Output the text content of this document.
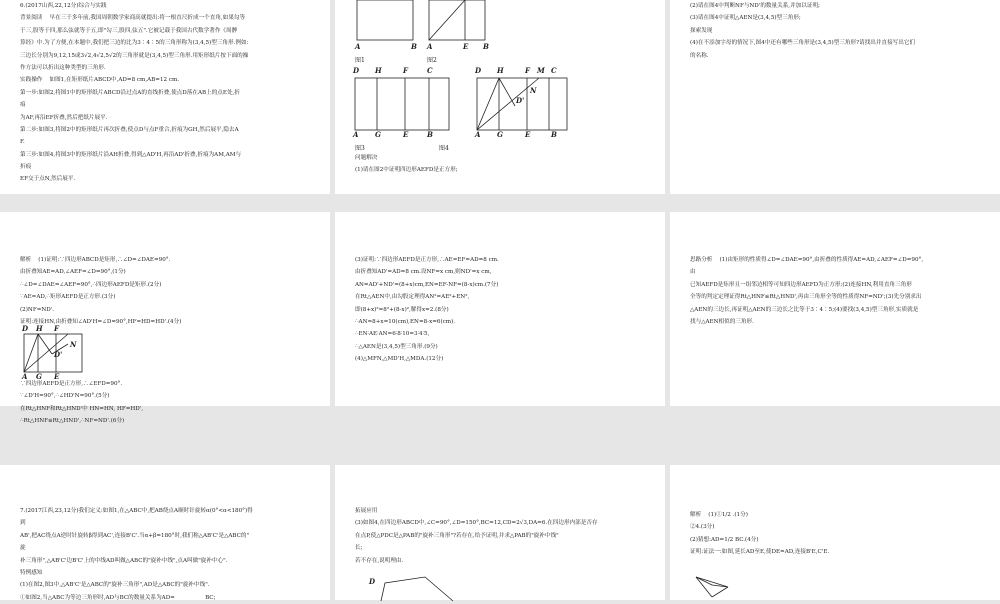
6.(2017山西,22,12分)综合与实践
背景阅读    早在三千多年前,我国周朝数学家商高就提出:将一根直尺折成一个直角,如果勾等
于三,股等于四,那么弦就等于五,即"勾三,股四,弦五".它被记载于我国古代数学著作《周髀
算经》中.为了方便,在本题中,我们把三边的比为3∶4∶5的三角形称为(3,4,5)型三角形.例如:
三边长分别为9,12,15或3√2,4√2,5√2的三角形就是(3,4,5)型三角形.用矩形纸片按下面的操
作方法可以折出这种类型的三角形.
实践操作    如图1,在矩形纸片ABCD中,AD=8 cm,AB=12 cm.
第一步:如图2,将图1中的矩形纸片ABCD沿过点A的直线折叠,使点D落在AB上的点E处,折
痕
为AF,再沿EF折叠,然后把纸片展平.
第二步:如图3,将图2中的矩形纸片再次折叠,使点D与点F重合,折痕为GH,然后展平,隐去A
F.
第三步:如图4,将图3中的矩形纸片沿AH折叠,得到△AD'H,再沿AD'折叠,折痕为AM,AM与
折痕
EF交于点N,然后展平.
A	B
图1
A	E B
图2
D H	F	C
A G	E	B
图3
D H	F M C
N
D'
A G	E	B
图4
问题解决
(1)请在图2中证明四边形AEFD是正方形;
(2)请在图4中判断NF与ND'的数量关系,并加以证明;
(3)请在图4中证明△AEN是(3,4,5)型三角形;
探索发现
(4)在不添加字母的情况下,图4中还有哪些三角形是(3,4,5)型三角形?请找出并直接写出它们
的名称.
解析    (1)证明:∵四边形ABCD是矩形,∴∠D=∠DAE=90°.
由折叠知AE=AD,∠AEF=∠D=90°,(1分)
∴∠D=∠DAE=∠AEF=90°,∴四边形AEFD是矩形.(2分)
∵AE=AD,∴矩形AEFD是正方形.(3分)
(2)NF=ND'.
证明:连接HN,由折叠知∠AD'H=∠D=90°,HF=HD=HD'.(4分)
D H F
N
D'
A G E
∵四边形AEFD是正方形,∴∠EFD=90°.
∵∠D'H=90°,∴∠HD'N=90°.(5分)
在Rt△HNF和Rt△HND'中 HN=HN, HF=HD',
∴Rt△HNF≌Rt△HND',∴NF=ND'.(6分)
(3)证明:∵四边形AEFD是正方形,∴AE=EF=AD=8 cm.
由折叠知AD'=AD=8 cm.设NF=x cm,则ND'=x cm,
AN=AD'+ND'=(8+x)cm,EN=EF-NF=(8-x)cm.(7分)
在Rt△AEN中,由勾股定理得AN²=AE²+EN²,
即(8+x)²=8²+(8-x)²,解得x=2.(8分)
∴AN=8+x=10(cm),EN=8-x=6(cm).
∴EN∶AE∶AN=6∶8∶10=3∶4∶5,
∴△AEN是(3,4,5)型三角形.(9分)
(4)△MFN,△MD'H,△MDA.(12分)
思路分析    (1)由矩形的性质得∠D=∠DAE=90°,由折叠的性质得AE=AD,∠AEF=∠D=90°,
由
已知AEFD是矩形且一组邻边相等可知四边形AEFD为正方形;(2)连接HN,利用直角三角形
全等的判定定理证得Rt△HNF≌Rt△HND',再由三角形全等的性质得NF=ND';(3)先分别求出
△AEN的三边长,再证明△AEN的三边长之比等于3∶4∶5;(4)要找(3,4,5)型三角形,实质就是
找与△AEN相似的三角形.
7.(2017江西,23,12分)我们定义:如图1,在△ABC中,把AB绕点A顺时针旋转α(0°<α<180°)得
到
AB',把AC绕点A逆时针旋转β得到AC',连接B'C'.当α+β=180°时,我们称△AB'C'是△ABC的"
旋
补三角形",△AB'C'边B'C'上的中线AD叫做△ABC的"旋补中线",点A叫做"旋补中心".
特例感知
(1)在图2,图3中,△AB'C'是△ABC的"旋补三角形",AD是△ABC的"旋补中线".
①如图2,当△ABC为等边三角形时,AD与BC的数量关系为AD=                 BC;
拓展应用
(3)如图4,在四边形ABCD中,∠C=90°,∠D=150°,BC=12,CD=2√3,DA=6.在四边形内部是否存
在点P,使△PDC是△PAB的"旋补三角形"?若存在,给予证明,并求△PAB的"旋补中线"
长;
若不存在,说明理由.
D
解析    (1)①1/2 .(1分)
②4.(3分)
(2)猜想:AD=1/2 BC.(4分)
证明:证法一:如图,延长AD至E,使DE=AD,连接B'E,C'E.
